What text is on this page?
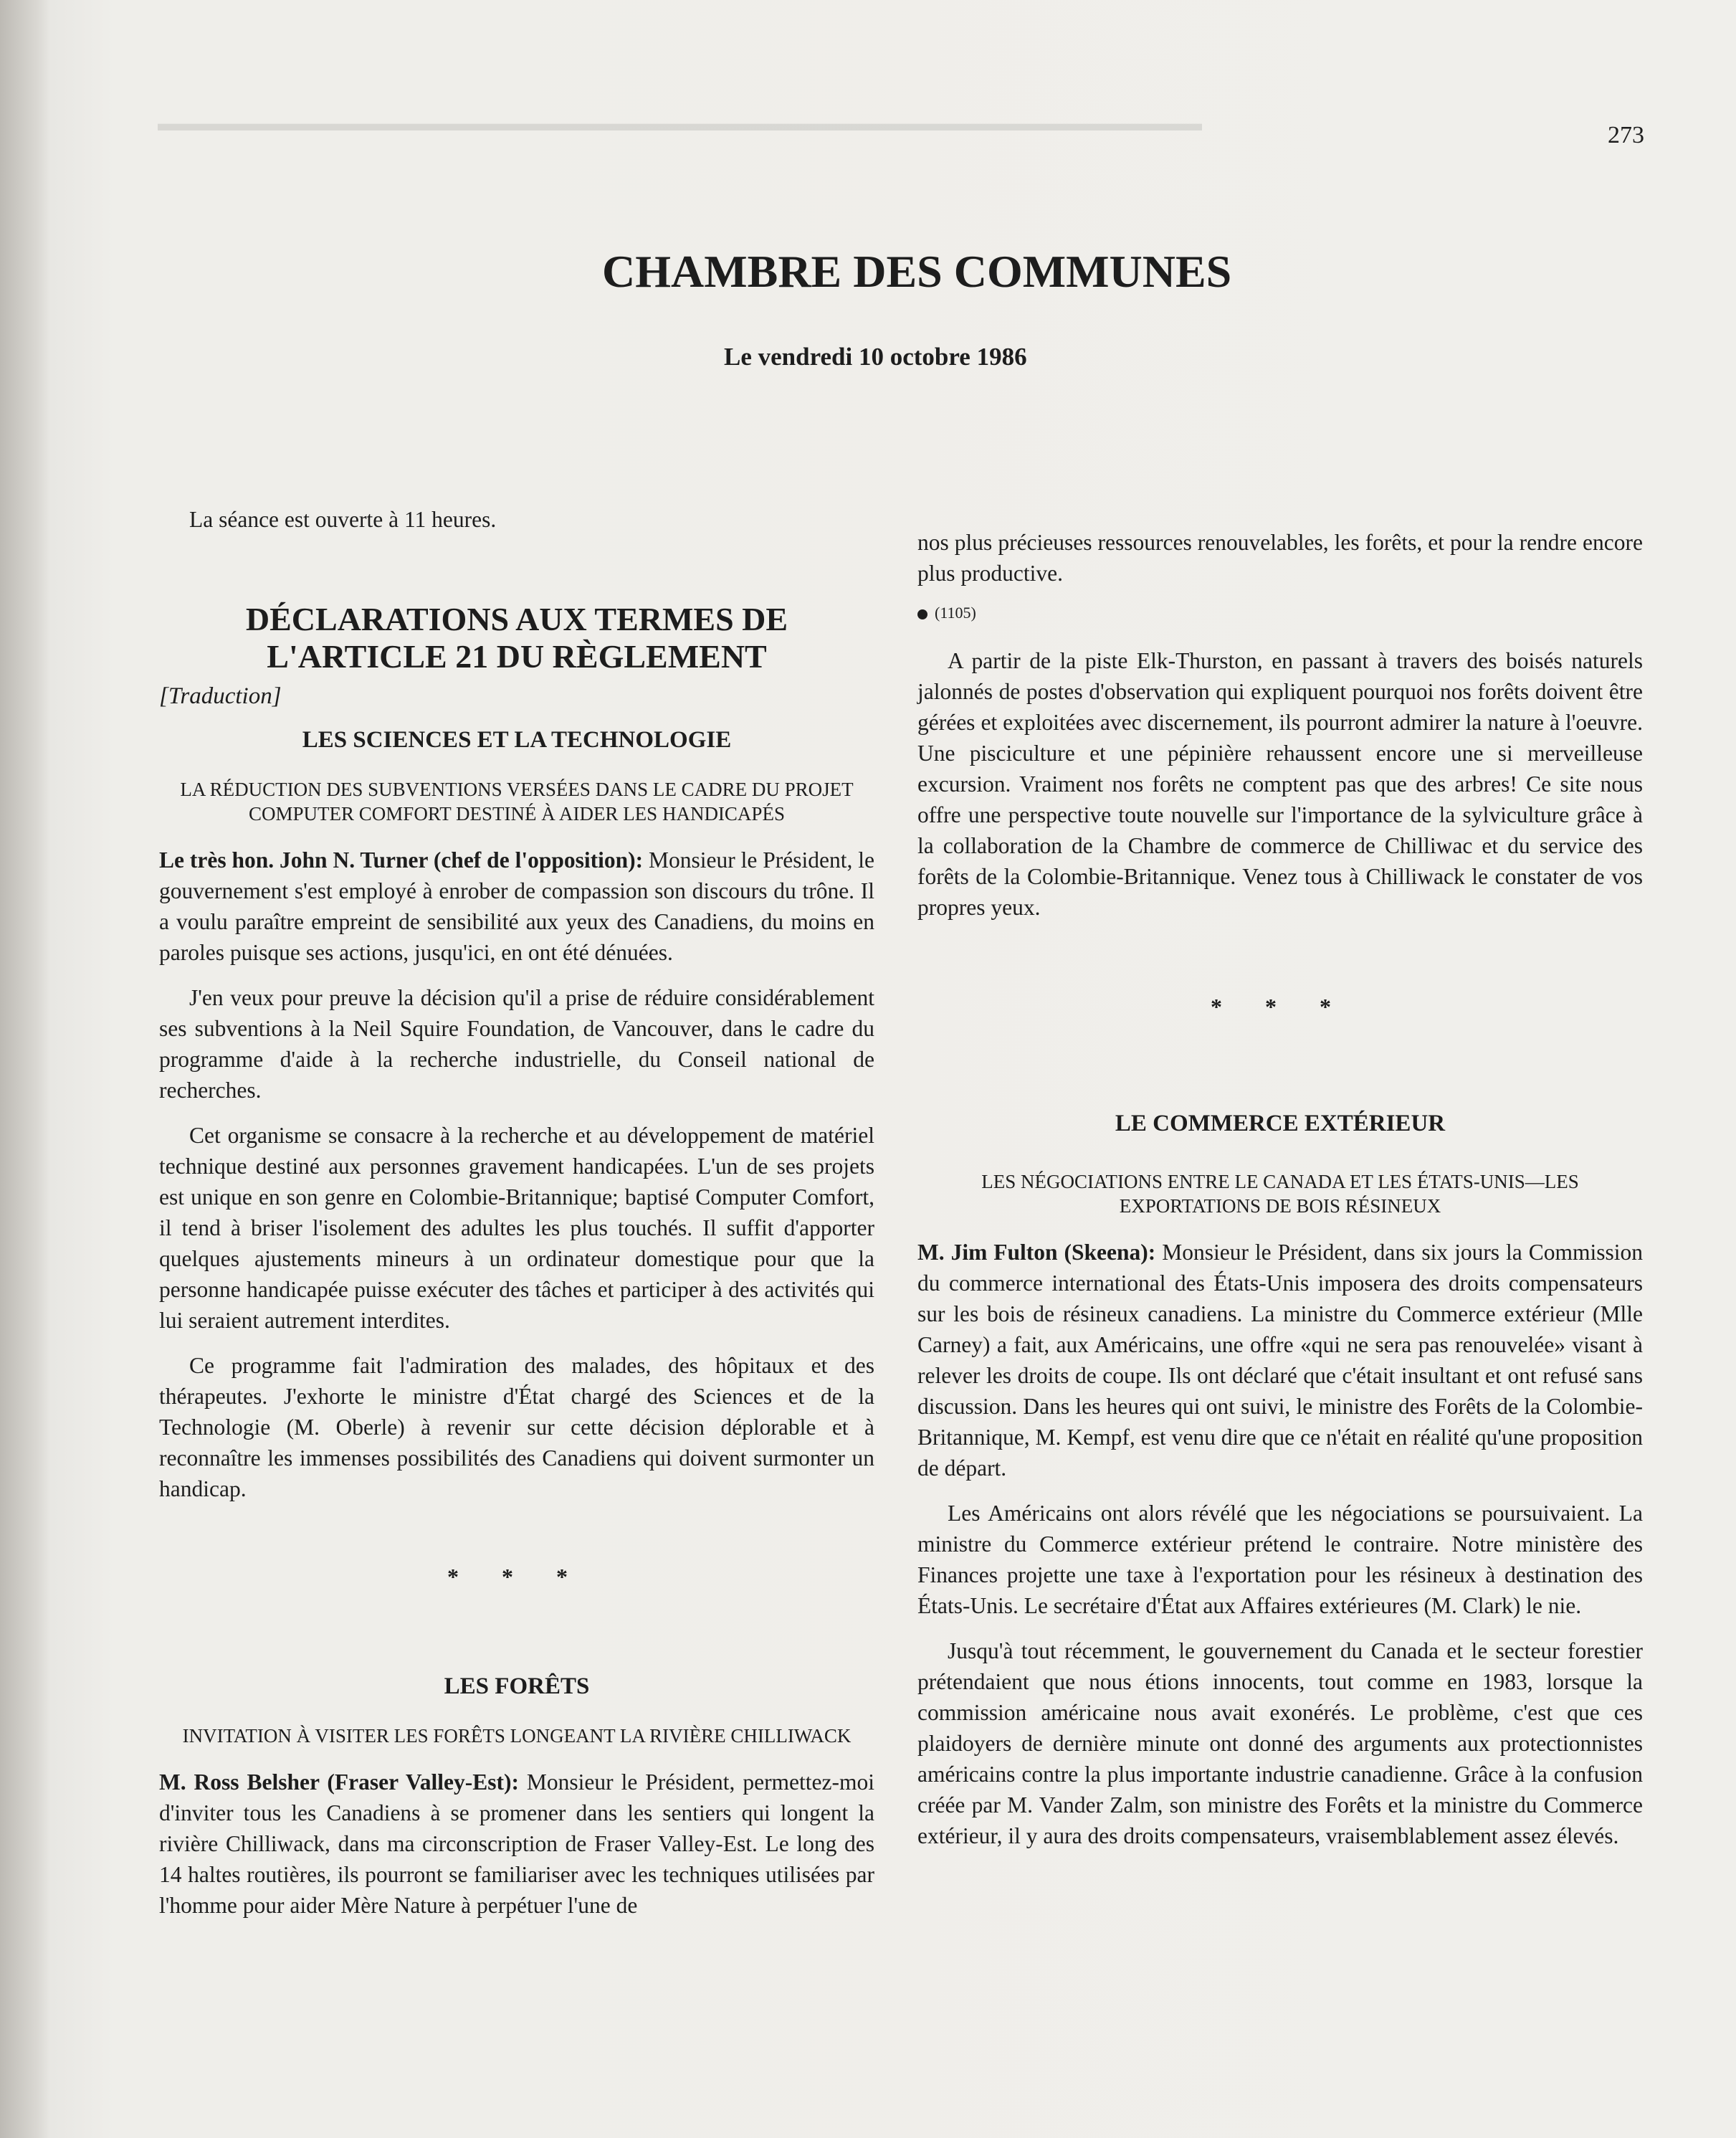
▬▬▬▬▬▬▬▬▬▬▬▬▬▬▬▬▬▬▬▬▬▬▬▬▬▬▬▬▬▬▬▬▬▬▬▬▬▬▬▬▬▬▬▬▬▬▬	273
CHAMBRE DES COMMUNES
Le vendredi 10 octobre 1986

La séance est ouverte à 11 heures.

DÉCLARATIONS AUX TERMES DE L'ARTICLE 21 DU RÈGLEMENT
[Traduction]
LES SCIENCES ET LA TECHNOLOGIE
LA RÉDUCTION DES SUBVENTIONS VERSÉES DANS LE CADRE DU PROJET COMPUTER COMFORT DESTINÉ À AIDER LES HANDICAPÉS

Le très hon. John N. Turner (chef de l'opposition): Monsieur le Président, le gouvernement s'est employé à enrober de compassion son discours du trône. Il a voulu paraître empreint de sensibilité aux yeux des Canadiens, du moins en paroles puisque ses actions, jusqu'ici, en ont été dénuées.

J'en veux pour preuve la décision qu'il a prise de réduire considérablement ses subventions à la Neil Squire Foundation, de Vancouver, dans le cadre du programme d'aide à la recherche industrielle, du Conseil national de recherches.

Cet organisme se consacre à la recherche et au développement de matériel technique destiné aux personnes gravement handicapées. L'un de ses projets est unique en son genre en Colombie-Britannique; baptisé Computer Comfort, il tend à briser l'isolement des adultes les plus touchés. Il suffit d'apporter quelques ajustements mineurs à un ordinateur domestique pour que la personne handicapée puisse exécuter des tâches et participer à des activités qui lui seraient autrement interdites.

Ce programme fait l'admiration des malades, des hôpitaux et des thérapeutes. J'exhorte le ministre d'État chargé des Sciences et de la Technologie (M. Oberle) à revenir sur cette décision déplorable et à reconnaître les immenses possibilités des Canadiens qui doivent surmonter un handicap.

* * *
LES FORÊTS
INVITATION À VISITER LES FORÊTS LONGEANT LA RIVIÈRE CHILLIWACK

M. Ross Belsher (Fraser Valley-Est): Monsieur le Président, permettez-moi d'inviter tous les Canadiens à se promener dans les sentiers qui longent la rivière Chilliwack, dans ma circonscription de Fraser Valley-Est. Le long des 14 haltes routières, ils pourront se familiariser avec les techniques utilisées par l'homme pour aider Mère Nature à perpétuer l'une de

nos plus précieuses ressources renouvelables, les forêts, et pour la rendre encore plus productive.

(1105)

A partir de la piste Elk-Thurston, en passant à travers des boisés naturels jalonnés de postes d'observation qui expliquent pourquoi nos forêts doivent être gérées et exploitées avec discernement, ils pourront admirer la nature à l'oeuvre. Une pisciculture et une pépinière rehaussent encore une si merveilleuse excursion. Vraiment nos forêts ne comptent pas que des arbres! Ce site nous offre une perspective toute nouvelle sur l'importance de la sylviculture grâce à la collaboration de la Chambre de commerce de Chilliwac et du service des forêts de la Colombie-Britannique. Venez tous à Chilliwack le constater de vos propres yeux.

* * *
LE COMMERCE EXTÉRIEUR
LES NÉGOCIATIONS ENTRE LE CANADA ET LES ÉTATS-UNIS—LES EXPORTATIONS DE BOIS RÉSINEUX

M. Jim Fulton (Skeena): Monsieur le Président, dans six jours la Commission du commerce international des États-Unis imposera des droits compensateurs sur les bois de résineux canadiens. La ministre du Commerce extérieur (Mlle Carney) a fait, aux Américains, une offre «qui ne sera pas renouvelée» visant à relever les droits de coupe. Ils ont déclaré que c'était insultant et ont refusé sans discussion. Dans les heures qui ont suivi, le ministre des Forêts de la Colombie-Britannique, M. Kempf, est venu dire que ce n'était en réalité qu'une proposition de départ.

Les Américains ont alors révélé que les négociations se poursuivaient. La ministre du Commerce extérieur prétend le contraire. Notre ministère des Finances projette une taxe à l'exportation pour les résineux à destination des États-Unis. Le secrétaire d'État aux Affaires extérieures (M. Clark) le nie.

Jusqu'à tout récemment, le gouvernement du Canada et le secteur forestier prétendaient que nous étions innocents, tout comme en 1983, lorsque la commission américaine nous avait exonérés. Le problème, c'est que ces plaidoyers de dernière minute ont donné des arguments aux protectionnistes américains contre la plus importante industrie canadienne. Grâce à la confusion créée par M. Vander Zalm, son ministre des Forêts et la ministre du Commerce extérieur, il y aura des droits compensateurs, vraisemblablement assez élevés.
